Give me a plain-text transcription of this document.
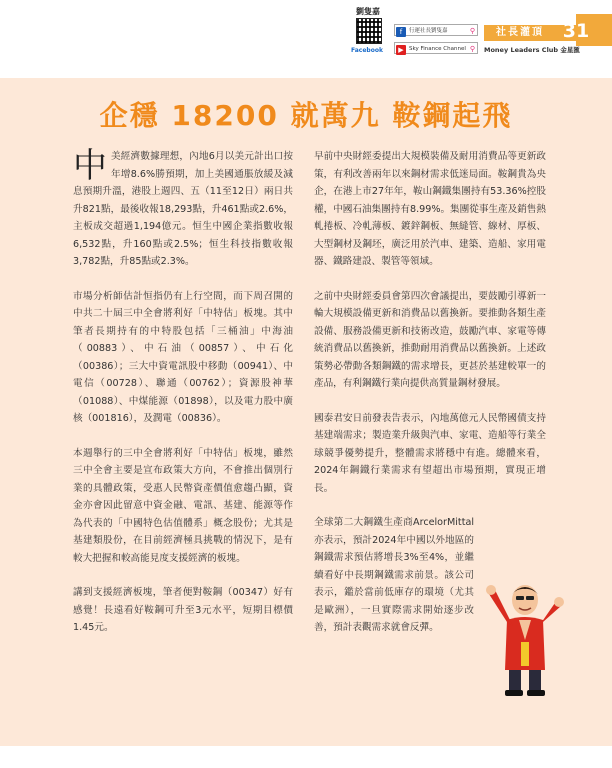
劉隻嘉
Facebook
f 行運社長劉隻嘉	⚲
▶ Sky Finance Channel ⚲
社長灌頂 31
Money Leaders Club 金星匯
企穩 18200 就萬九 鞍鋼起飛

中美經濟數據理想，內地6月以美元計出口按年增8.6%勝預期，加上美國通脹放緩及減息預期升溫，港股上週四、五（11至12日）兩日共升821點，最後收報18,293點，升461點或2.6%，主板成交超過1,194億元。恒生中國企業指數收報6,532點，升160點或2.5%；恒生科技指數收報3,782點，升85點或2.3%。

市場分析師估計恒指仍有上行空間，而下周召開的中共二十屆三中全會將利好「中特估」板塊。其中筆者長期持有的中特股包括「三桶油」中海油（00883）、中石油（00857）、中石化（00386）；三大中資電訊股中移動（00941）、中電信（00728）、聯通（00762）；資源股神華（01088）、中煤能源（01898），以及電力股中廣核（001816），及潤電（00836）。

本週舉行的三中全會將利好「中特估」板塊，雖然三中全會主要是宣布政策大方向，不會推出個別行業的具體政策，受惠人民幣資產價值愈趨凸顯，資金亦會因此留意中資金融、電訊、基建、能源等作為代表的「中國特色估值體系」概念股份；尤其是基建類股份，在目前經濟極具挑戰的情況下，是有較大把握和較高能見度支援經濟的板塊。

講到支援經濟板塊，筆者便對鞍鋼（00347）好有感覺！長遠看好鞍鋼可升至3元水平，短期目標價1.45元。

早前中央財經委提出大規模裝備及耐用消費品等更新政策，有利改善兩年以來鋼材需求低迷局面。鞍鋼貴為央企，在港上市27年年，鞍山鋼鐵集團持有53.36%控股權，中國石油集團持有8.99%。集團從事生產及銷售熱軋捲板、冷軋薄板、鍍鋅鋼板、無縫管、線材、厚板、大型鋼材及鋼坯，廣泛用於汽車、建築、造船、家用電器、鐵路建設、製管等領域。

之前中央財經委員會第四次會議提出，要鼓勵引導新一輪大規模設備更新和消費品以舊換新。要推動各類生產設備、服務設備更新和技術改造，鼓勵汽車、家電等傳統消費品以舊換新，推動耐用消費品以舊換新。上述政策勢必帶動各類鋼鐵的需求增長，更甚於基建較單一的產品，有利鋼鐵行業向提供高質量鋼材發展。

國泰君安日前發表告表示，內地萬億元人民幣國債支持基建端需求；製造業升級與汽車、家電、造船等行業全球競爭優勢提升，整體需求將穩中有進。總體來看，2024年鋼鐵行業需求有望超出市場預期，實現正增長。

全球第二大鋼鐵生產商ArcelorMittal亦表示，預計2024年中國以外地區的鋼鐵需求預估將增長3%至4%，並繼續看好中長期鋼鐵需求前景。該公司表示，鑑於當前低庫存的環境（尤其是歐洲），一旦實際需求開始逐步改善，預計表觀需求就會反彈。
